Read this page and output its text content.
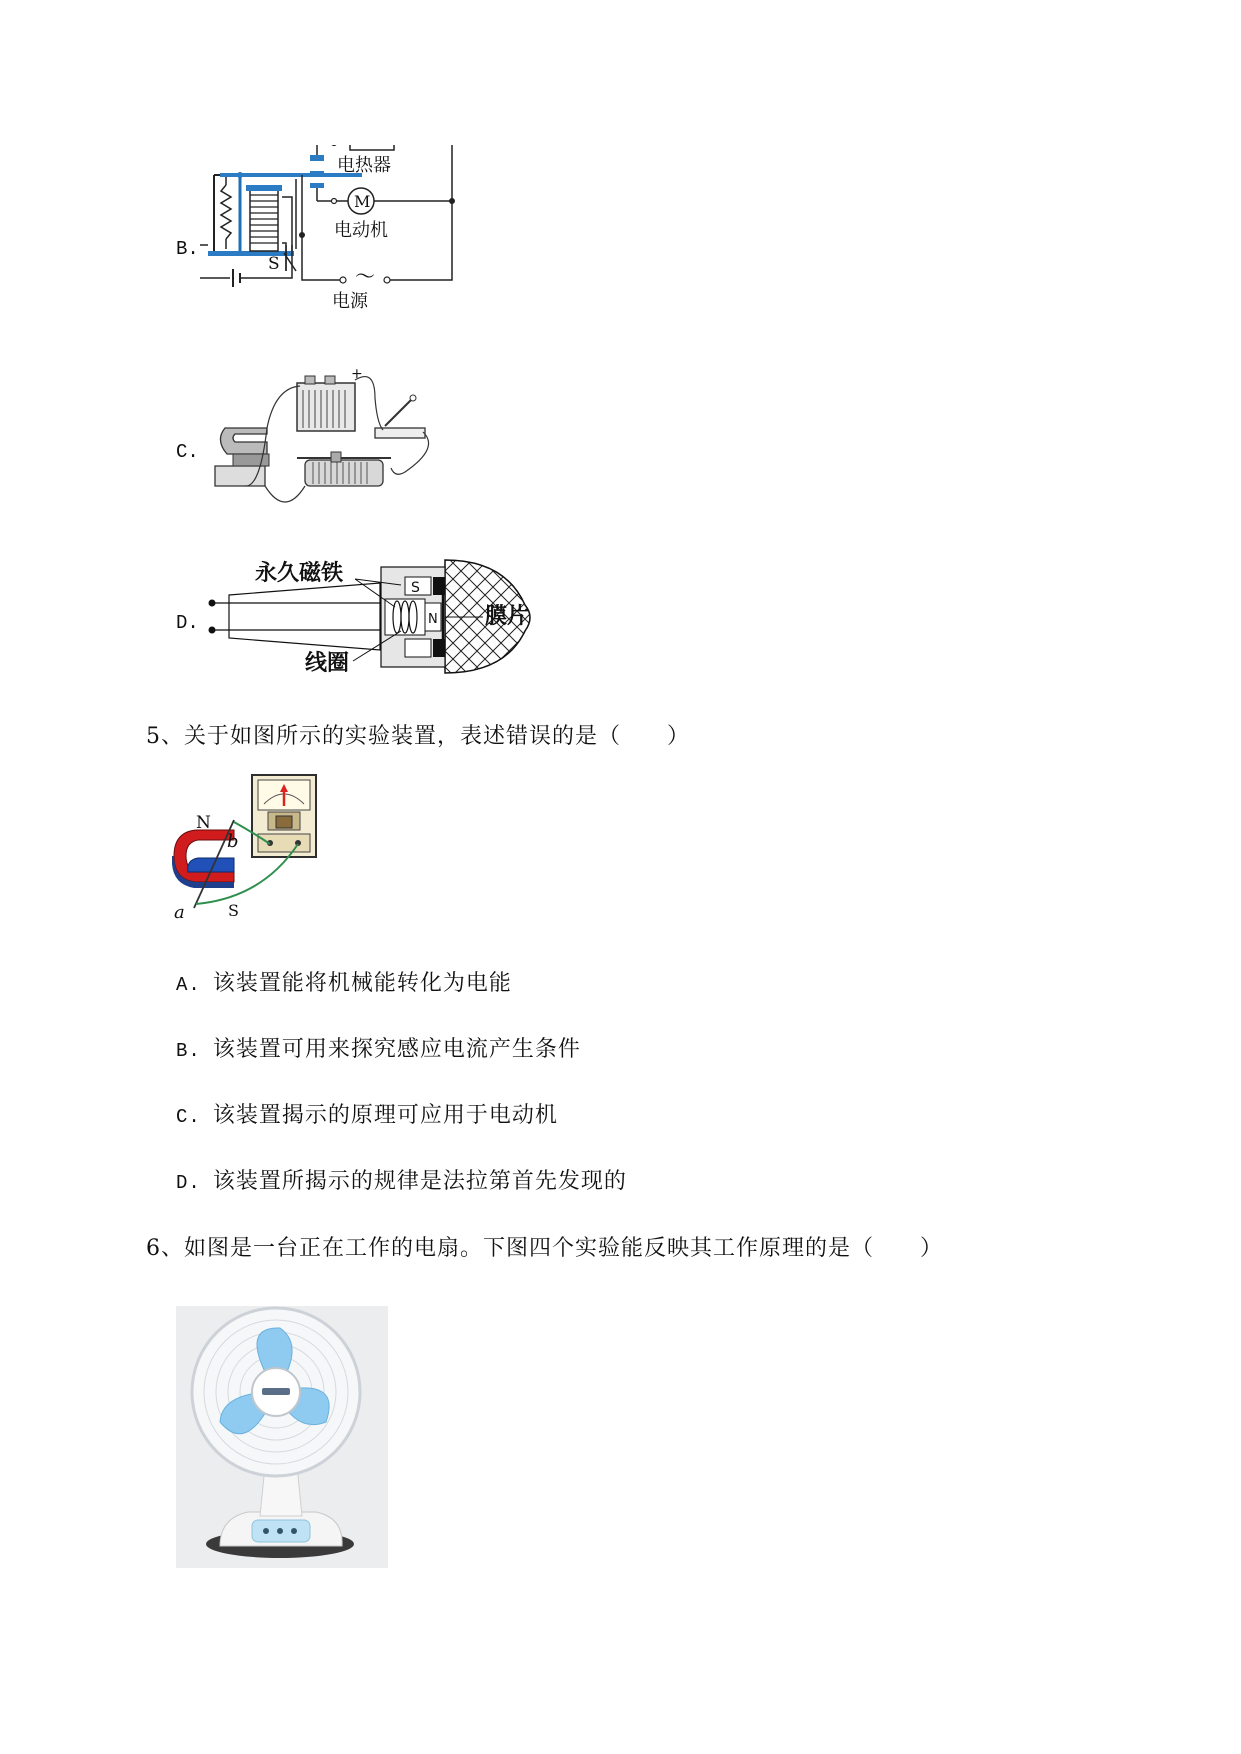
B.
S
电热器
M
电动机
～
电源
C.
+
D.
S
N
永久磁铁
膜片
线圈
5、关于如图所示的实验装置，表述错误的是（　　）
N
b
a	S
A. 该装置能将机械能转化为电能
B. 该装置可用来探究感应电流产生条件
C. 该装置揭示的原理可应用于电动机
D. 该装置所揭示的规律是法拉第首先发现的
6、如图是一台正在工作的电扇。下图四个实验能反映其工作原理的是（　　）
